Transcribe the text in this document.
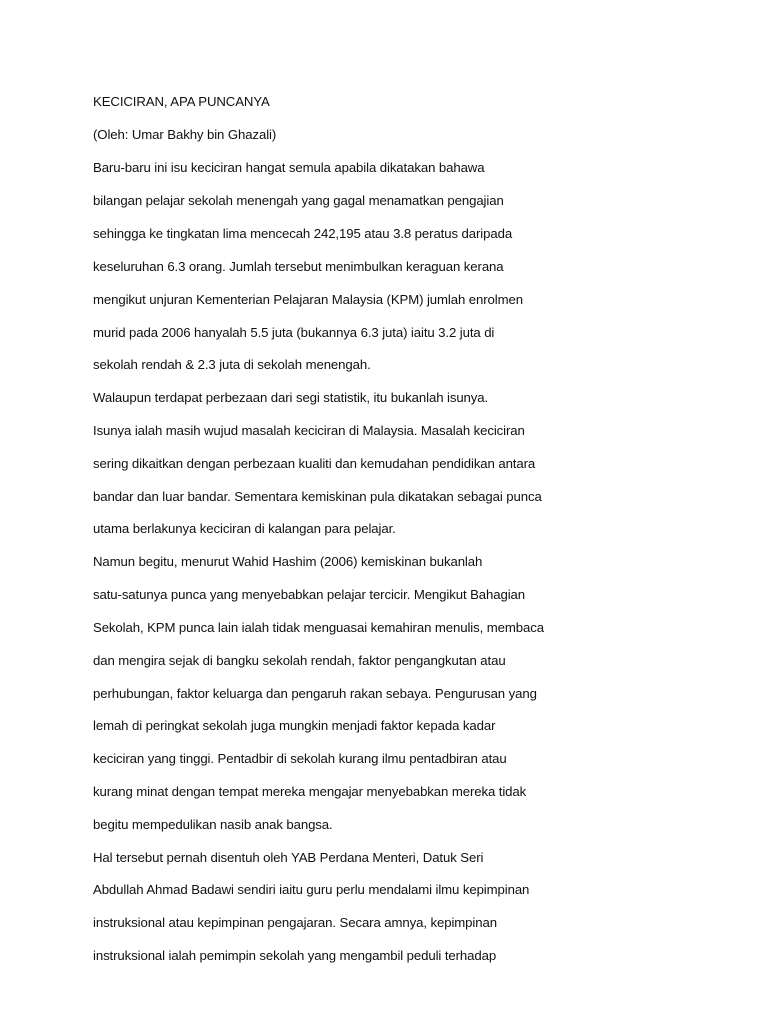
KECICIRAN, APA PUNCANYA

(Oleh: Umar Bakhy bin Ghazali)

Baru-baru ini isu keciciran hangat semula apabila dikatakan bahawa

bilangan pelajar sekolah menengah yang gagal menamatkan pengajian

sehingga ke tingkatan lima mencecah 242,195 atau 3.8 peratus daripada

keseluruhan 6.3 orang. Jumlah tersebut menimbulkan keraguan kerana

mengikut unjuran Kementerian Pelajaran Malaysia (KPM) jumlah enrolmen

murid pada 2006 hanyalah 5.5 juta (bukannya 6.3 juta) iaitu 3.2 juta di

sekolah rendah & 2.3 juta di sekolah menengah.

Walaupun terdapat perbezaan dari segi statistik, itu bukanlah isunya.

Isunya ialah masih wujud masalah keciciran di Malaysia. Masalah keciciran

sering dikaitkan dengan perbezaan kualiti dan kemudahan pendidikan antara

bandar dan luar bandar. Sementara kemiskinan pula dikatakan sebagai punca

utama berlakunya keciciran di kalangan para pelajar.

Namun begitu, menurut Wahid Hashim (2006) kemiskinan bukanlah

satu-satunya punca yang menyebabkan pelajar tercicir. Mengikut Bahagian

Sekolah, KPM punca lain ialah tidak menguasai kemahiran menulis, membaca

dan mengira sejak di bangku sekolah rendah, faktor pengangkutan atau

perhubungan, faktor keluarga dan pengaruh rakan sebaya. Pengurusan yang

lemah di peringkat sekolah juga mungkin menjadi faktor kepada kadar

keciciran yang tinggi. Pentadbir di sekolah kurang ilmu pentadbiran atau

kurang minat dengan tempat mereka mengajar menyebabkan mereka tidak

begitu mempedulikan nasib anak bangsa.

Hal tersebut pernah disentuh oleh YAB Perdana Menteri, Datuk Seri

Abdullah Ahmad Badawi sendiri iaitu guru perlu mendalami ilmu kepimpinan

instruksional atau kepimpinan pengajaran. Secara amnya, kepimpinan

instruksional ialah pemimpin sekolah yang mengambil peduli terhadap
